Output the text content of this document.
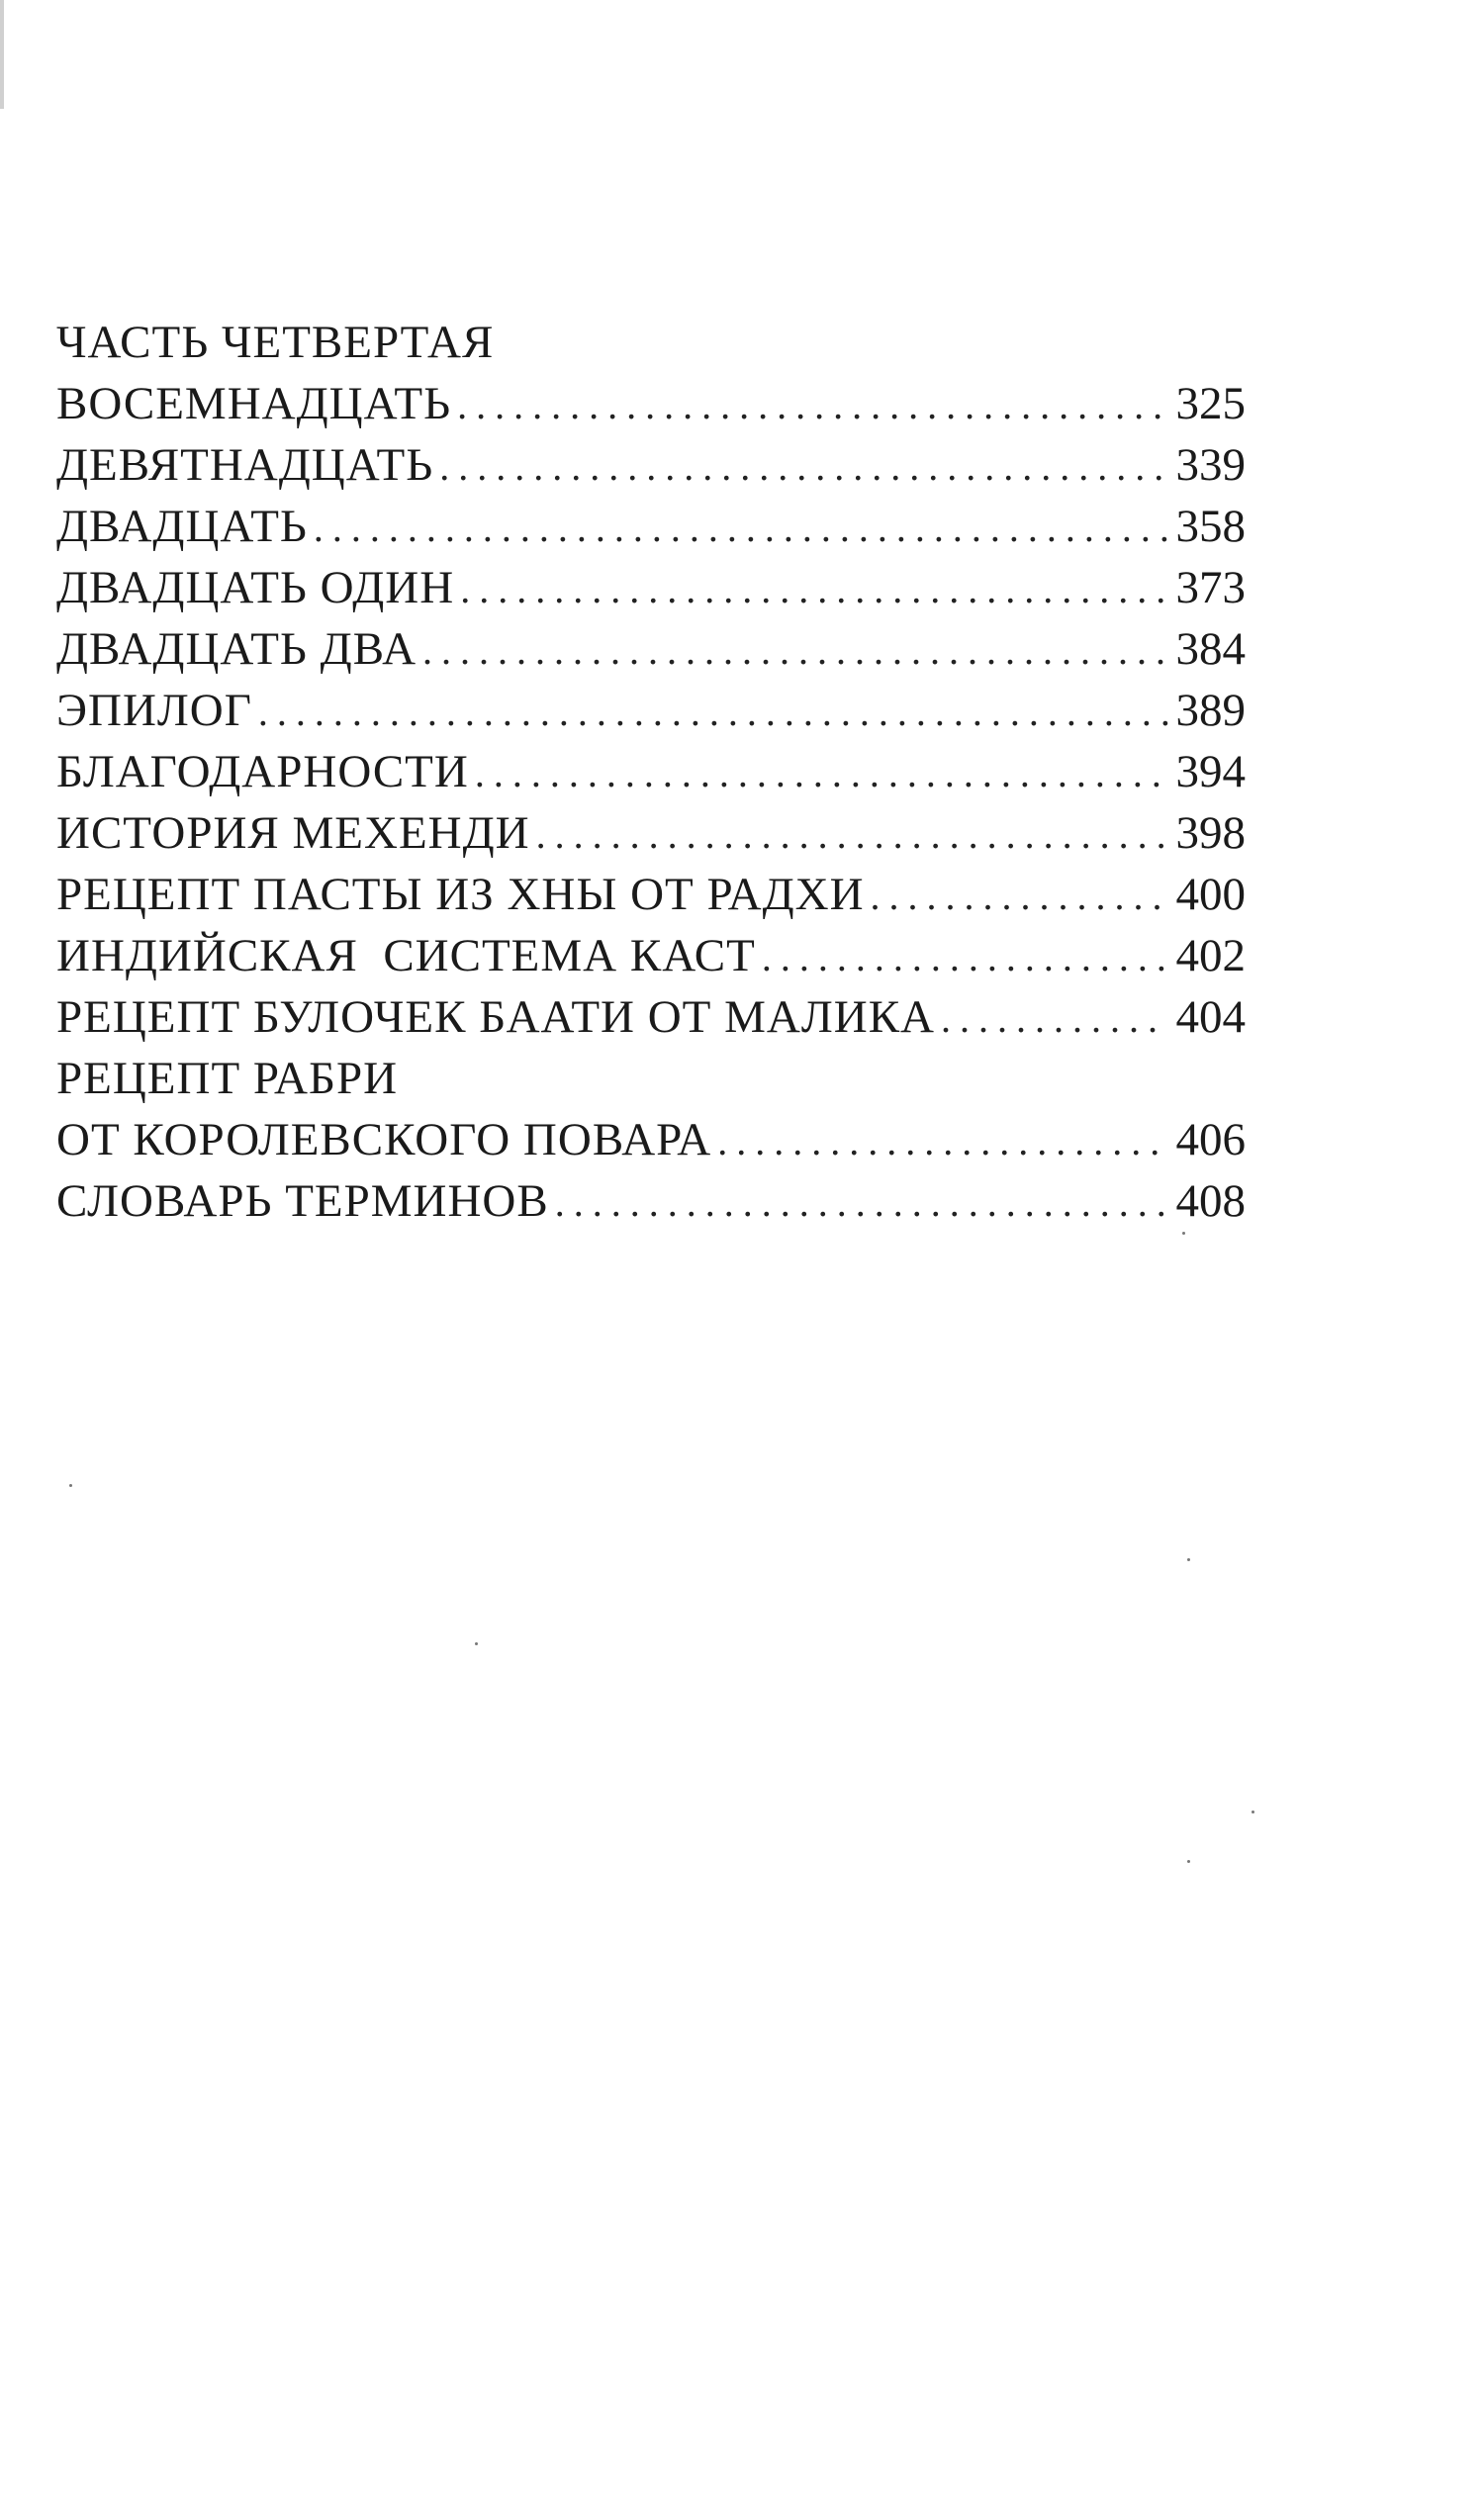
ЧАСТЬ ЧЕТВЕРТАЯ
ВОСЕМНАДЦАТЬ .....	325
ДЕВЯТНАДЦАТЬ .....	339
ДВАДЦАТЬ .....	358
ДВАДЦАТЬ ОДИН .....	373
ДВАДЦАТЬ ДВА .....	384
ЭПИЛОГ .....	389
БЛАГОДАРНОСТИ .....	394
ИСТОРИЯ МЕХЕНДИ .....	398
РЕЦЕПТ ПАСТЫ ИЗ ХНЫ ОТ РАДХИ .....	400
ИНДИЙСКАЯ  СИСТЕМА КАСТ .....	402
РЕЦЕПТ БУЛОЧЕК БААТИ ОТ МАЛИКА .....	404
РЕЦЕПТ РАБРИ
ОТ КОРОЛЕВСКОГО ПОВАРА .....	406
СЛОВАРЬ ТЕРМИНОВ .....	408
